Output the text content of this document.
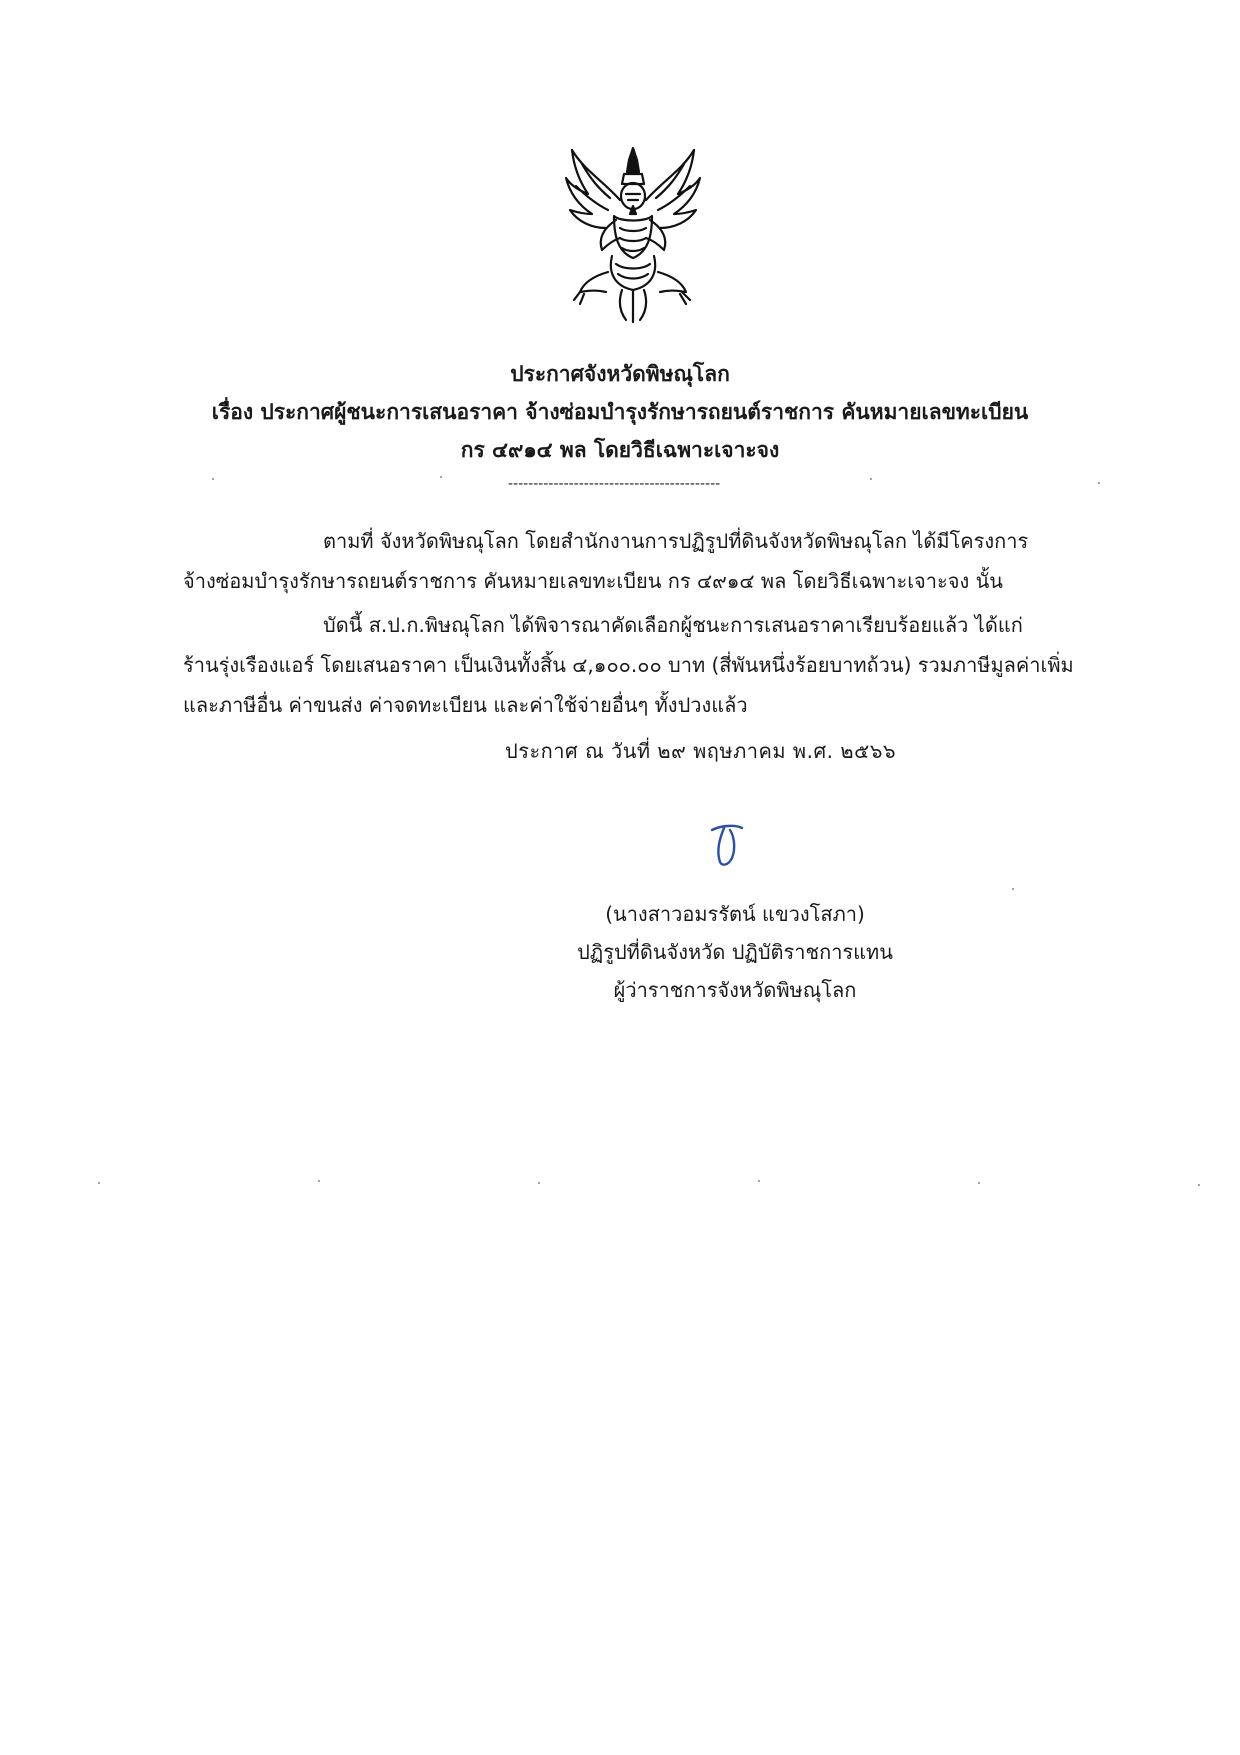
ประกาศจังหวัดพิษณุโลก
เรื่อง ประกาศผู้ชนะการเสนอราคา จ้างซ่อมบำรุงรักษารถยนต์ราชการ คันหมายเลขทะเบียน
กร ๔๙๑๔ พล โดยวิธีเฉพาะเจาะจง
------------------------------------------
ตามที่ จังหวัดพิษณุโลก โดยสำนักงานการปฏิรูปที่ดินจังหวัดพิษณุโลก ได้มีโครงการ
จ้างซ่อมบำรุงรักษารถยนต์ราชการ คันหมายเลขทะเบียน กร ๔๙๑๔ พล โดยวิธีเฉพาะเจาะจง นั้น
บัดนี้ ส.ป.ก.พิษณุโลก ได้พิจารณาคัดเลือกผู้ชนะการเสนอราคาเรียบร้อยแล้ว ได้แก่
ร้านรุ่งเรืองแอร์ โดยเสนอราคา เป็นเงินทั้งสิ้น ๔,๑๐๐.๐๐ บาท (สี่พันหนึ่งร้อยบาทถ้วน) รวมภาษีมูลค่าเพิ่ม
และภาษีอื่น ค่าขนส่ง ค่าจดทะเบียน และค่าใช้จ่ายอื่นๆ ทั้งปวงแล้ว
ประกาศ ณ วันที่ ๒๙ พฤษภาคม พ.ศ. ๒๕๖๖
(นางสาวอมรรัตน์ แขวงโสภา)
ปฏิรูปที่ดินจังหวัด ปฏิบัติราชการแทน
ผู้ว่าราชการจังหวัดพิษณุโลก
